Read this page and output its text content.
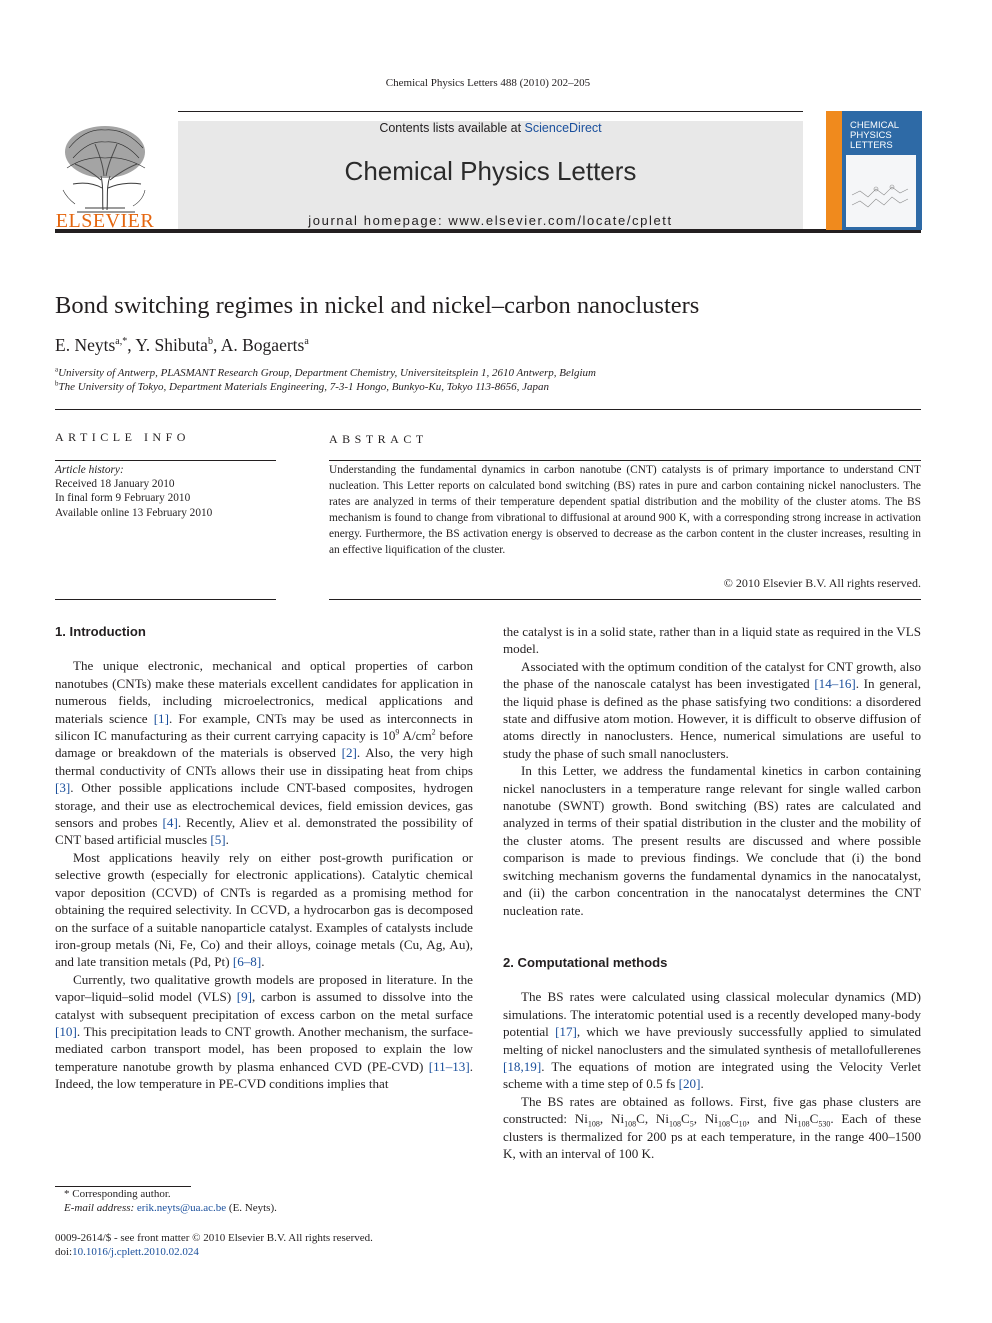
Chemical Physics Letters 488 (2010) 202–205
Contents lists available at ScienceDirect
Chemical Physics Letters
journal homepage: www.elsevier.com/locate/cplett
ELSEVIER
CHEMICAL
PHYSICS
LETTERS
Bond switching regimes in nickel and nickel–carbon nanoclusters
E. Neyts$^{a,*}$, Y. Shibuta$^b$, A. Bogaerts$^a$
$^a$University of Antwerp, PLASMANT Research Group, Department Chemistry, Universiteitsplein 1, 2610 Antwerp, Belgium
$^b$The University of Tokyo, Department Materials Engineering, 7-3-1 Hongo, Bunkyo-Ku, Tokyo 113-8656, Japan
ARTICLE INFO	ABSTRACT
Article history:
Received 18 January 2010
In final form 9 February 2010
Available online 13 February 2010
Understanding the fundamental dynamics in carbon nanotube (CNT) catalysts is of primary importance to understand CNT nucleation. This Letter reports on calculated bond switching (BS) rates in pure and carbon containing nickel nanoclusters. The rates are analyzed in terms of their temperature dependent spatial distribution and the mobility of the cluster atoms. The BS mechanism is found to change from vibrational to diffusional at around 900 K, with a corresponding strong increase in activation energy. Furthermore, the BS activation energy is observed to decrease as the carbon content in the cluster increases, resulting in an effective liquification of the cluster.
© 2010 Elsevier B.V. All rights reserved.
1. Introduction

The unique electronic, mechanical and optical properties of carbon nanotubes (CNTs) make these materials excellent candidates for application in numerous fields, including microelectronics, medical applications and materials science [1]. For example, CNTs may be used as interconnects in silicon IC manufacturing as their current carrying capacity is $10^9$ $A/cm^2$ before damage or breakdown of the materials is observed [2]. Also, the very high thermal conductivity of CNTs allows their use in dissipating heat from chips [3]. Other possible applications include CNT-based composites, hydrogen storage, and their use as electrochemical devices, field emission devices, gas sensors and probes [4]. Recently, Aliev et al. demonstrated the possibility of CNT based artificial muscles [5].

Most applications heavily rely on either post-growth purification or selective growth (especially for electronic applications). Catalytic chemical vapor deposition (CCVD) of CNTs is regarded as a promising method for obtaining the required selectivity. In CCVD, a hydrocarbon gas is decomposed on the surface of a suitable nanoparticle catalyst. Examples of catalysts include iron-group metals (Ni, Fe, Co) and their alloys, coinage metals (Cu, Ag, Au), and late transition metals (Pd, Pt) [6–8].

Currently, two qualitative growth models are proposed in literature. In the vapor–liquid–solid model (VLS) [9], carbon is assumed to dissolve into the catalyst with subsequent precipitation of excess carbon on the metal surface [10]. This precipitation leads to CNT growth. Another mechanism, the surface-mediated carbon transport model, has been proposed to explain the low temperature nanotube growth by plasma enhanced CVD (PE-CVD) [11–13]. Indeed, the low temperature in PE-CVD conditions implies that

the catalyst is in a solid state, rather than in a liquid state as required in the VLS model.

Associated with the optimum condition of the catalyst for CNT growth, also the phase of the nanoscale catalyst has been investigated [14–16]. In general, the liquid phase is defined as the phase satisfying two conditions: a disordered state and diffusive atom motion. However, it is difficult to observe diffusion of atoms directly in nanoclusters. Hence, numerical simulations are useful to study the phase of such small nanoclusters.

In this Letter, we address the fundamental kinetics in carbon containing nickel nanoclusters in a temperature range relevant for single walled carbon nanotube (SWNT) growth. Bond switching (BS) rates are calculated and analyzed in terms of their spatial distribution in the cluster and the mobility of the cluster atoms. The present results are discussed and where possible comparison is made to previous findings. We conclude that (i) the bond switching mechanism governs the fundamental dynamics in the nanocatalyst, and (ii) the carbon concentration in the nanocatalyst determines the CNT nucleation rate.

2. Computational methods

The BS rates were calculated using classical molecular dynamics (MD) simulations. The interatomic potential used is a recently developed many-body potential [17], which we have previously successfully applied to simulated melting of nickel nanoclusters and the simulated synthesis of metallofullerenes [18,19]. The equations of motion are integrated using the Velocity Verlet scheme with a time step of 0.5 fs [20].

The BS rates are obtained as follows. First, five gas phase clusters are constructed: $Ni_{108}$, $Ni_{108}C$, $Ni_{108}C_5$, $Ni_{108}C_{10}$, and $Ni_{108}C_{530}$. Each of these clusters is thermalized for 200 ps at each temperature, in the range 400–1500 K, with an interval of 100 K.

* Corresponding author.
E-mail address: erik.neyts@ua.ac.be (E. Neyts).
0009-2614/$ - see front matter © 2010 Elsevier B.V. All rights reserved.
doi:10.1016/j.cplett.2010.02.024
